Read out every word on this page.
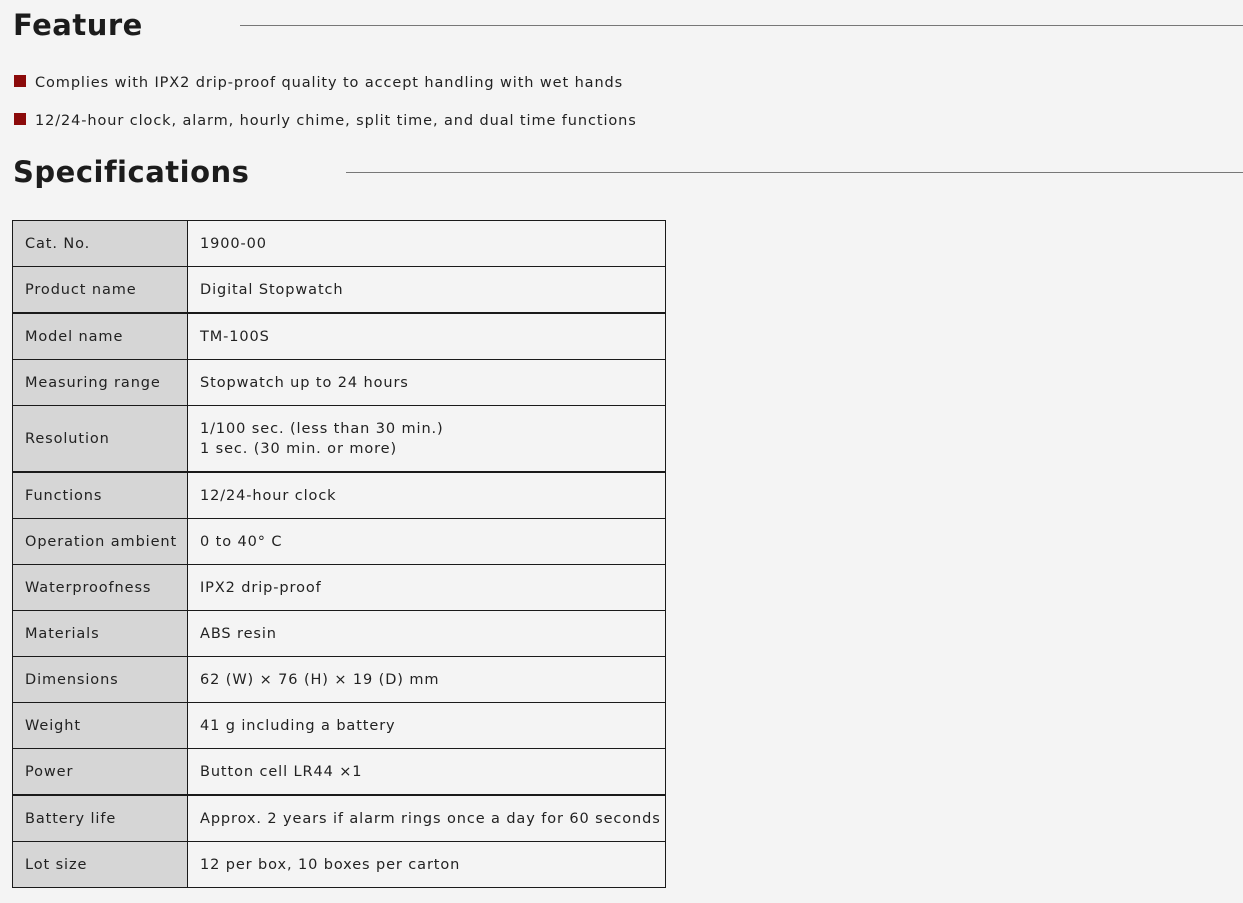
Feature
Complies with IPX2 drip-proof quality to accept handling with wet hands
12/24-hour clock, alarm, hourly chime, split time, and dual time functions
Specifications
Cat. No.	1900-00
Product name	Digital Stopwatch
Model name	TM-100S
Measuring range	Stopwatch up to 24 hours
Resolution	1/100 sec. (less than 30 min.)
1 sec. (30 min. or more)

Functions	12/24-hour clock
Operation ambient	0 to 40° C
Waterproofness	IPX2 drip-proof
Materials	ABS resin
Dimensions	62 (W) × 76 (H) × 19 (D) mm
Weight	41 g including a battery
Power	Button cell LR44 ×1
Battery life	Approx. 2 years if alarm rings once a day for 60 seconds
Lot size	12 per box, 10 boxes per carton
